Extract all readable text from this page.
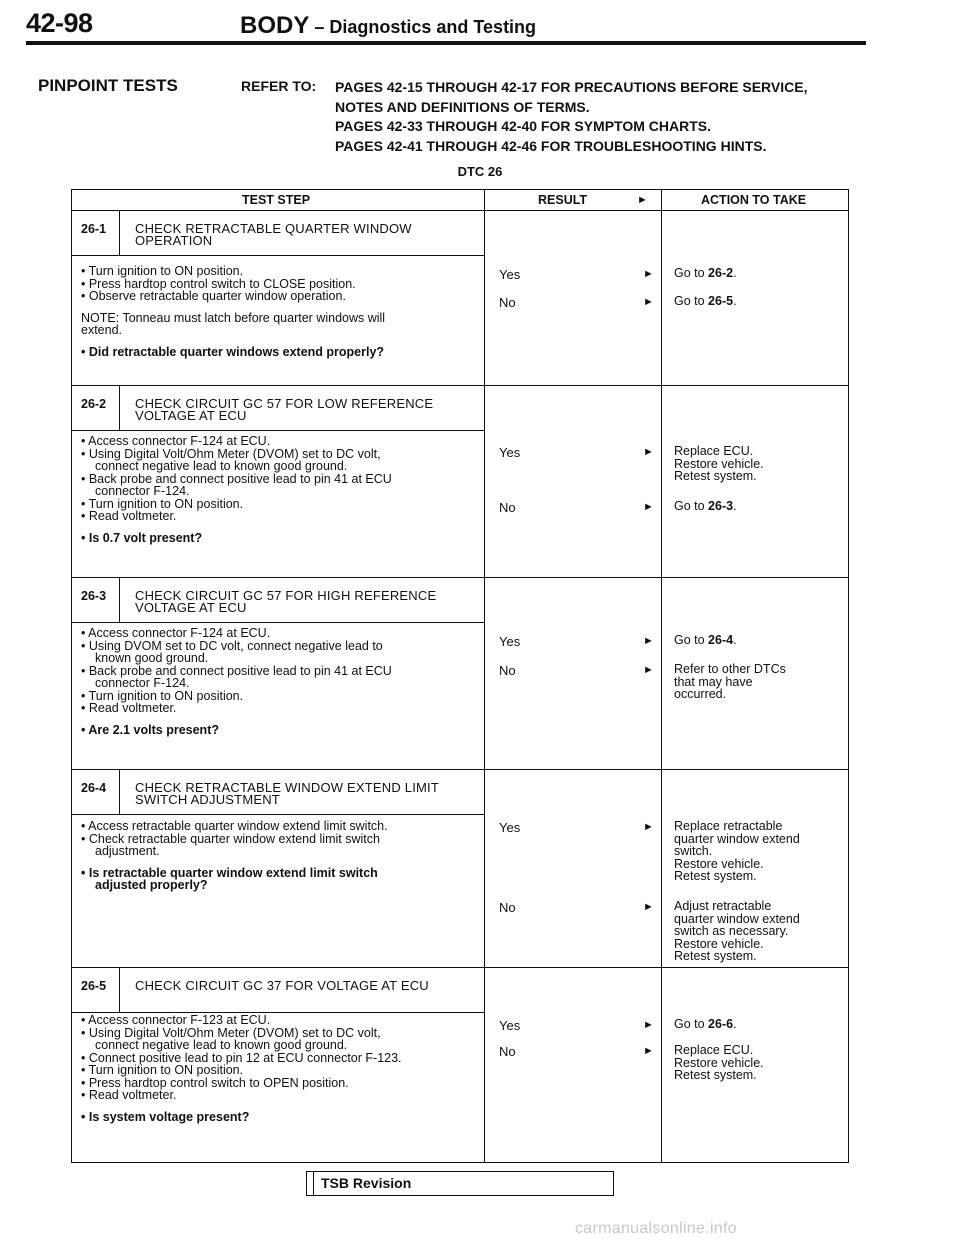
42-98	BODY – Diagnostics and Testing
PINPOINT TESTS	REFER TO: PAGES 42-15 THROUGH 42-17 FOR PRECAUTIONS BEFORE SERVICE,
NOTES AND DEFINITIONS OF TERMS.
PAGES 42-33 THROUGH 42-40 FOR SYMPTOM CHARTS.
PAGES 42-41 THROUGH 42-46 FOR TROUBLESHOOTING HINTS.
DTC 26
TEST STEP	RESULT	►	ACTION TO TAKE
26-1	CHECK RETRACTABLE QUARTER WINDOW
OPERATION
• Turn ignition to ON position.
• Press hardtop control switch to CLOSE position.
• Observe retractable quarter window operation.
NOTE: Tonneau must latch before quarter windows will
extend.
• Did retractable quarter windows extend properly?
Yes	► Go to 26-2.
No	► Go to 26-5.
26-2	CHECK CIRCUIT GC 57 FOR LOW REFERENCE
VOLTAGE AT ECU
• Access connector F-124 at ECU.
• Using Digital Volt/Ohm Meter (DVOM) set to DC volt,
connect negative lead to known good ground.
• Back probe and connect positive lead to pin 41 at ECU
connector F-124.
• Turn ignition to ON position.
• Read voltmeter.
• Is 0.7 volt present?
Yes	► Replace ECU.
Restore vehicle.
Retest system.
No	► Go to 26-3.
26-3	CHECK CIRCUIT GC 57 FOR HIGH REFERENCE
VOLTAGE AT ECU
• Access connector F-124 at ECU.
• Using DVOM set to DC volt, connect negative lead to
known good ground.
• Back probe and connect positive lead to pin 41 at ECU
connector F-124.
• Turn ignition to ON position.
• Read voltmeter.
• Are 2.1 volts present?
Yes	► Go to 26-4.
No	► Refer to other DTCs
that may have
occurred.
26-4	CHECK RETRACTABLE WINDOW EXTEND LIMIT
SWITCH ADJUSTMENT
• Access retractable quarter window extend limit switch.
• Check retractable quarter window extend limit switch
adjustment.
• Is retractable quarter window extend limit switch
adjusted properly?
Yes	► Replace retractable
quarter window extend
switch.
Restore vehicle.
Retest system.
No	► Adjust retractable
quarter window extend
switch as necessary.
Restore vehicle.
Retest system.
26-5	CHECK CIRCUIT GC 37 FOR VOLTAGE AT ECU
• Access connector F-123 at ECU.
• Using Digital Volt/Ohm Meter (DVOM) set to DC volt,
connect negative lead to known good ground.
• Connect positive lead to pin 12 at ECU connector F-123.
• Turn ignition to ON position.
• Press hardtop control switch to OPEN position.
• Read voltmeter.
• Is system voltage present?
Yes	► Go to 26-6.
No	► Replace ECU.
Restore vehicle.
Retest system.
TSB Revision
carmanualsonline.info
